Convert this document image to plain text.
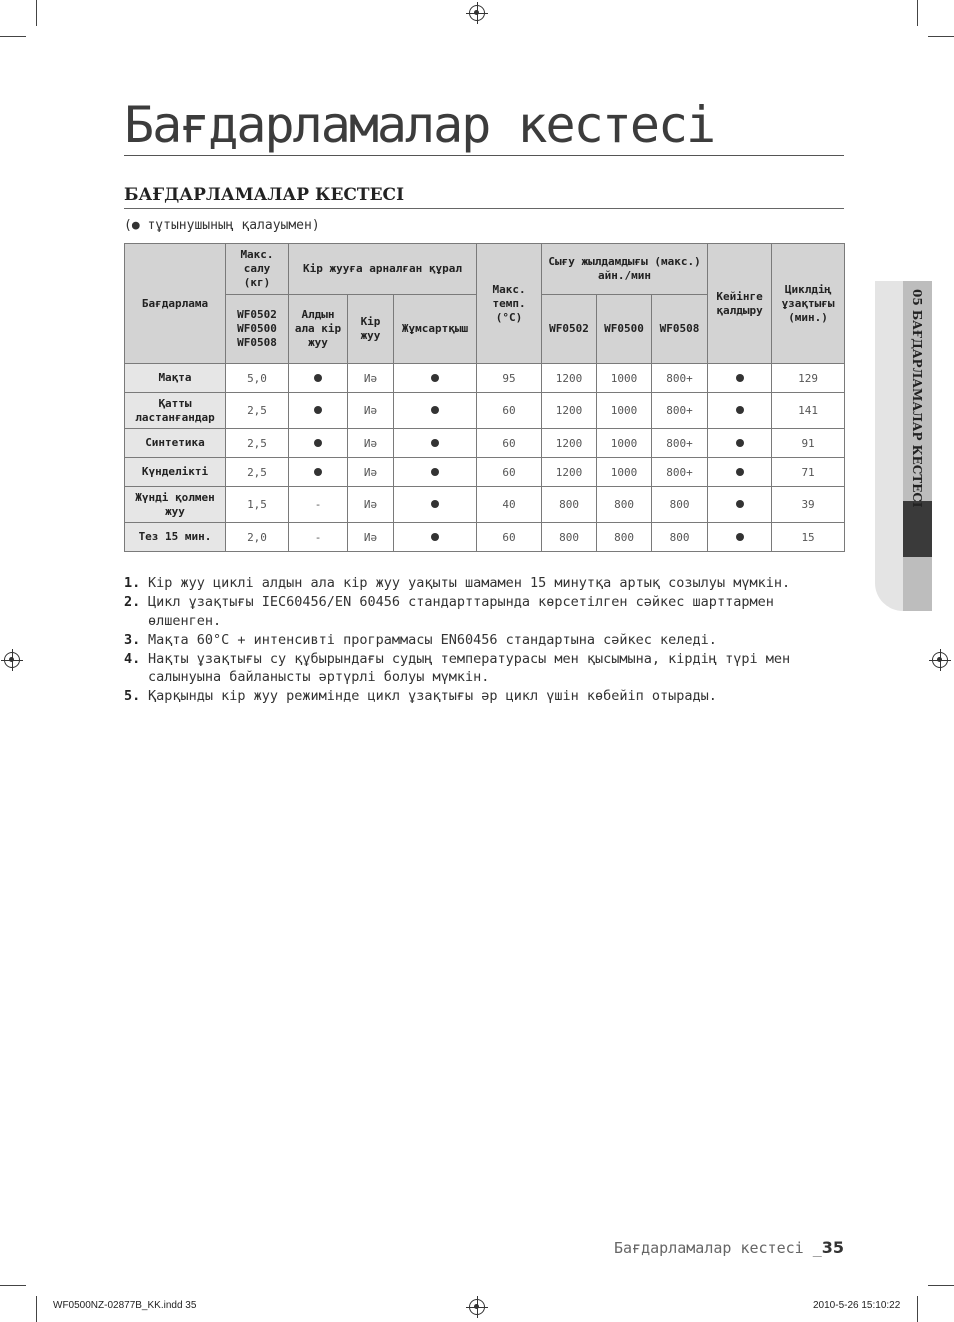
Бағдарламалар кестесі
БАҒДАРЛАМАЛАР КЕСТЕСІ
(● тұтынушының қалауымен)
Бағдарлама	Макс. салу (кг)	Кір жууға арналған құрал			Макс. темп. (°C)	Сығу жылдамдығы (макс.) айн./мин			Кейінге қалдыру	Циклдің ұзақтығы (мин.)
	WF0502 WF0500 WF0508	Алдын ала кір жуу	Кір жуу	Жұмсартқыш		WF0502	WF0500	WF0508		
Мақта	5,0		Иә		95	1200	1000	800+		129
Қатты ластанғандар	2,5		Иә		60	1200	1000	800+		141
Синтетика	2,5		Иә		60	1200	1000	800+		91
Күнделікті	2,5		Иә		60	1200	1000	800+		71
Жүнді қолмен жуу	1,5	-	Иә		40	800	800	800		39
Тез 15 мин.	2,0	-	Иә		60	800	800	800		15
1. Кір жуу циклі алдын ала кір жуу уақыты шамамен 15 минутқа артық созылуы мүмкін.
2. Цикл ұзақтығы IEC60456/EN 60456 стандарттарында көрсетілген сәйкес шарттармен өлшенген.
3. Мақта 60°C + интенсивті программасы EN60456 стандартына сәйкес келеді.
4. Нақты ұзақтығы су құбырындағы судың температурасы мен қысымына, кірдің түрі мен салынуына байланысты әртүрлі болуы мүмкін.
5. Қарқынды кір жуу режимінде цикл ұзақтығы әр цикл үшін көбейіп отырады.
05 БАҒДАРЛАМАЛАР КЕСТЕСІ
Бағдарламалар кестесі _35
WF0500NZ-02877B_KK.indd 35	2010-5-26 15:10:22
